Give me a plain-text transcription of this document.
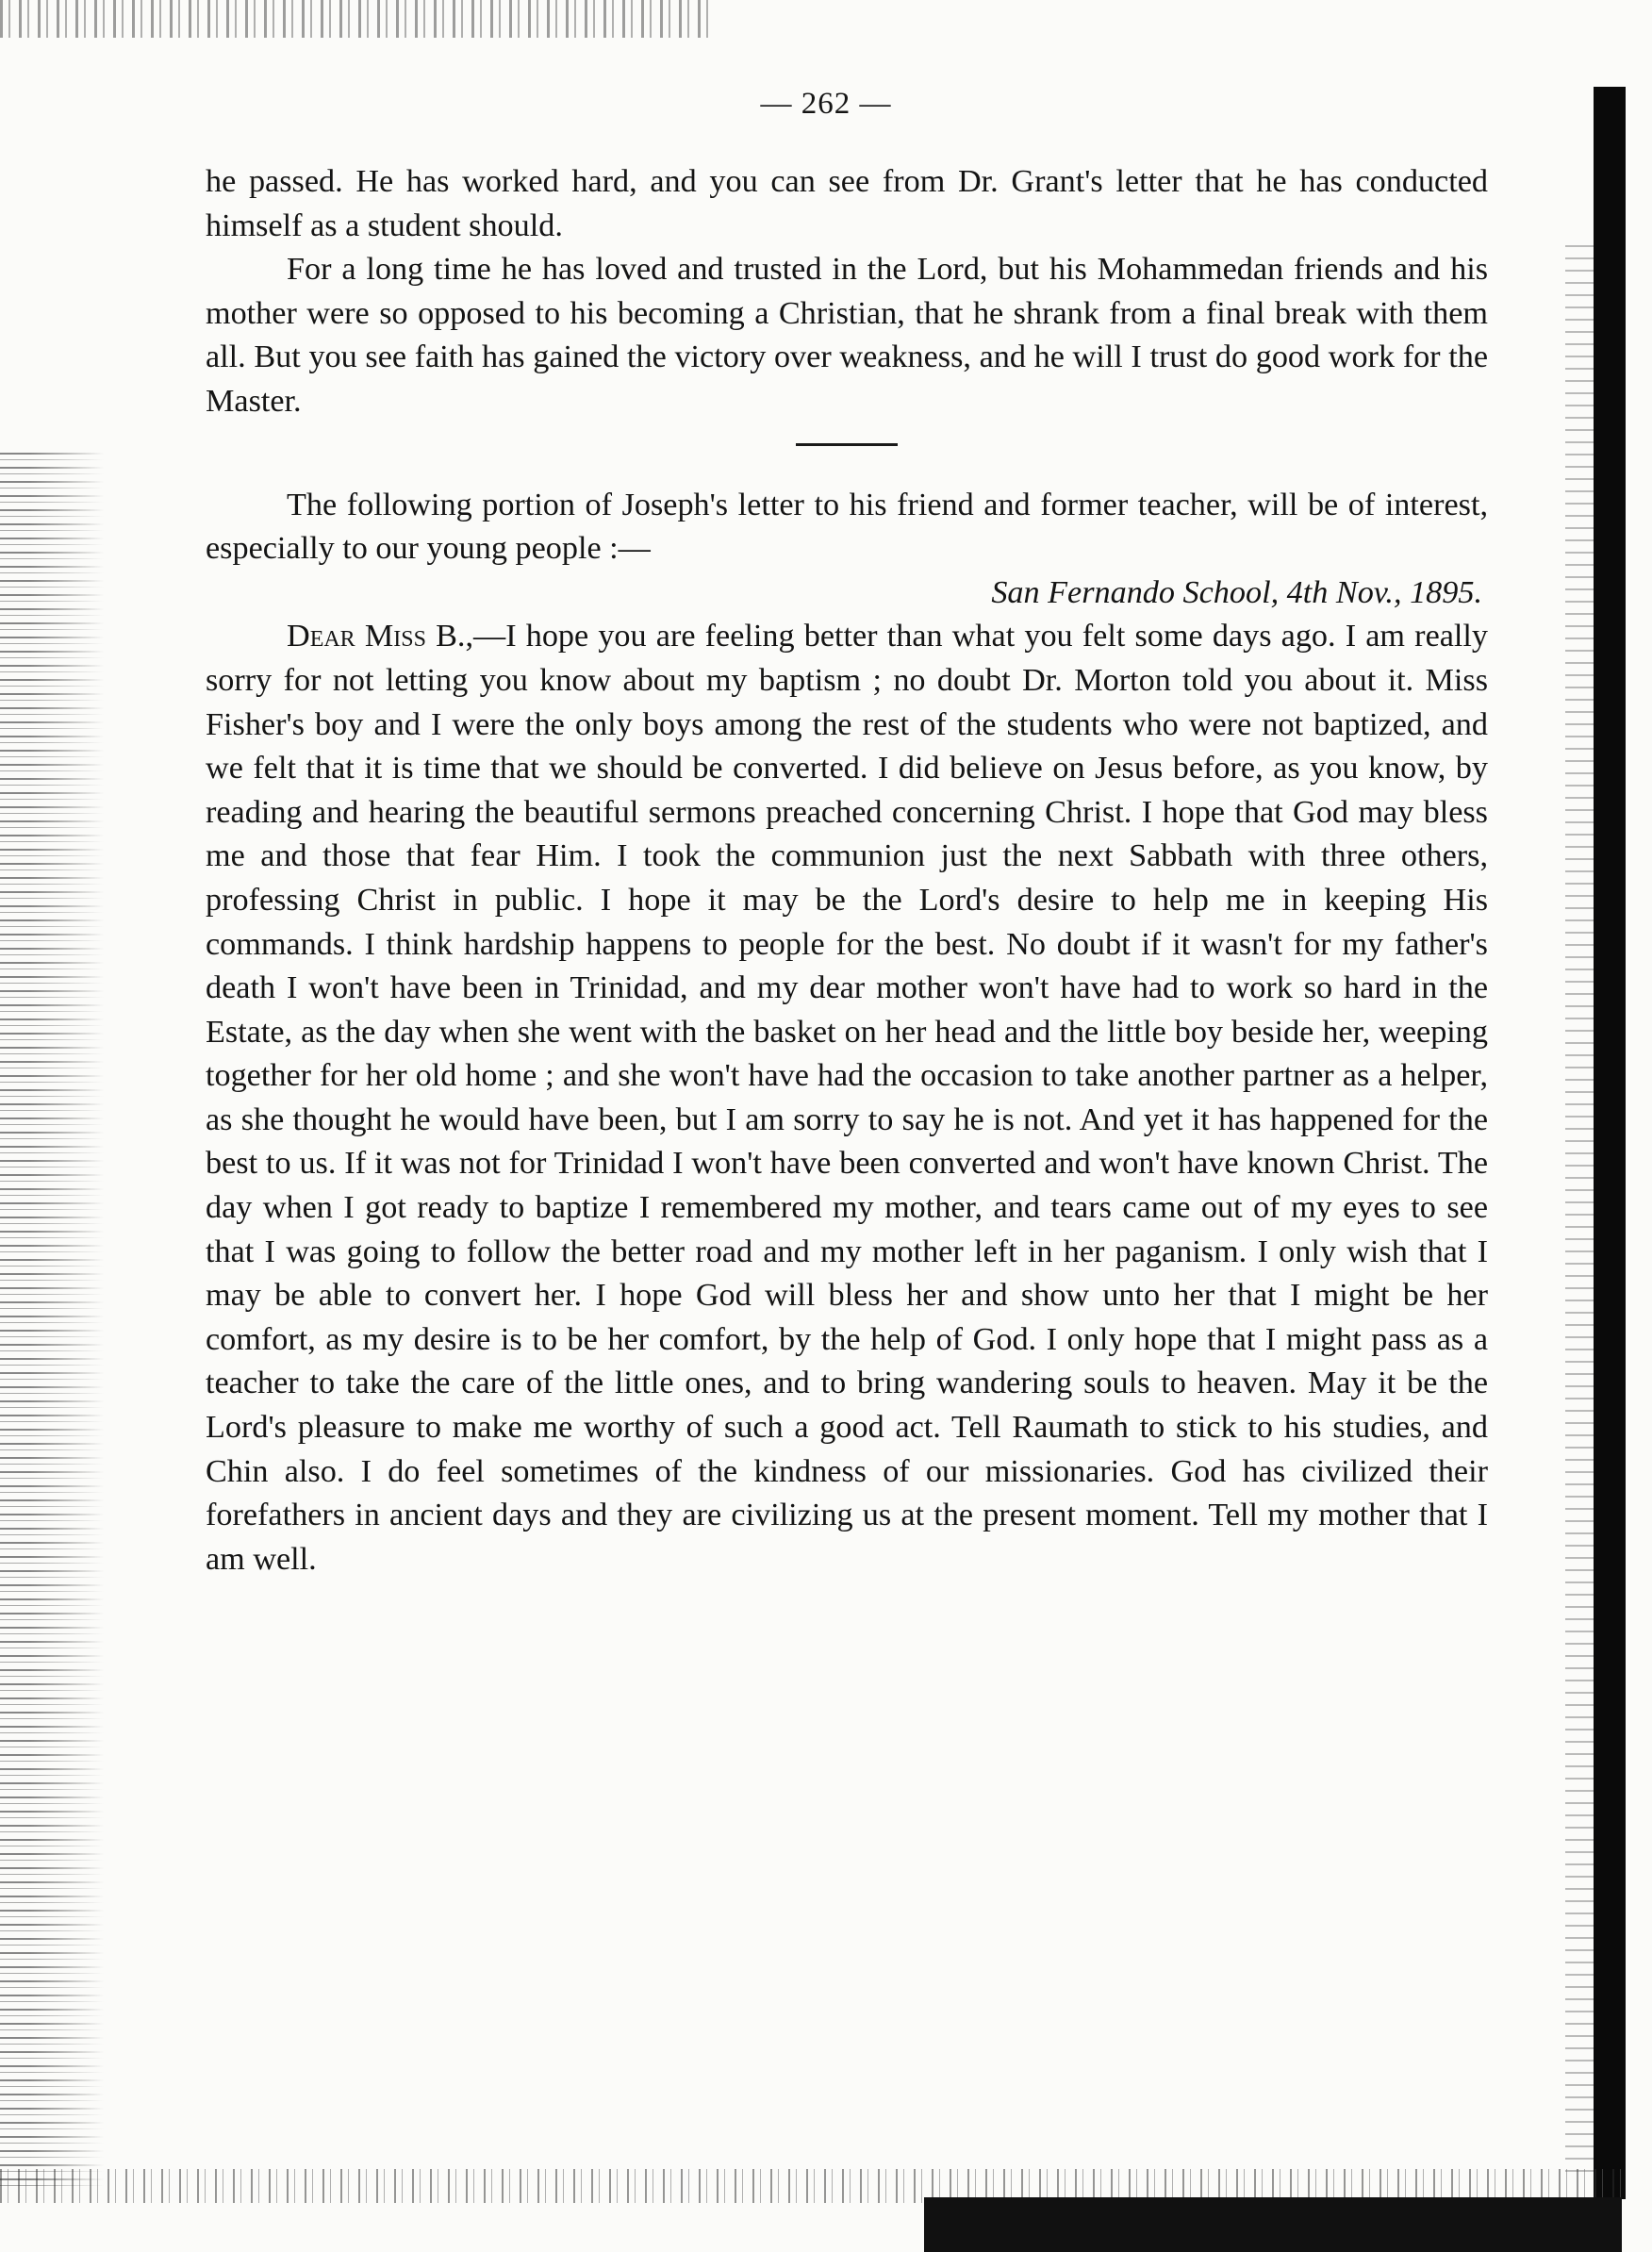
— 262 —

he passed. He has worked hard, and you can see from Dr. Grant's letter that he has conducted himself as a student should.

For a long time he has loved and trusted in the Lord, but his Mohammedan friends and his mother were so opposed to his becoming a Christian, that he shrank from a final break with them all. But you see faith has gained the victory over weakness, and he will I trust do good work for the Master.

The following portion of Joseph's letter to his friend and former teacher, will be of interest, especially to our young people :—

San Fernando School, 4th Nov., 1895.

Dear Miss B.,—I hope you are feeling better than what you felt some days ago. I am really sorry for not letting you know about my baptism ; no doubt Dr. Morton told you about it. Miss Fisher's boy and I were the only boys among the rest of the students who were not baptized, and we felt that it is time that we should be converted. I did believe on Jesus before, as you know, by reading and hearing the beautiful sermons preached concerning Christ. I hope that God may bless me and those that fear Him. I took the communion just the next Sabbath with three others, professing Christ in public. I hope it may be the Lord's desire to help me in keeping His commands. I think hardship happens to people for the best. No doubt if it wasn't for my father's death I won't have been in Trinidad, and my dear mother won't have had to work so hard in the Estate, as the day when she went with the basket on her head and the little boy beside her, weeping together for her old home ; and she won't have had the occasion to take another partner as a helper, as she thought he would have been, but I am sorry to say he is not. And yet it has happened for the best to us. If it was not for Trinidad I won't have been converted and won't have known Christ. The day when I got ready to baptize I remembered my mother, and tears came out of my eyes to see that I was going to follow the better road and my mother left in her paganism. I only wish that I may be able to convert her. I hope God will bless her and show unto her that I might be her comfort, as my desire is to be her comfort, by the help of God. I only hope that I might pass as a teacher to take the care of the little ones, and to bring wandering souls to heaven. May it be the Lord's pleasure to make me worthy of such a good act. Tell Raumath to stick to his studies, and Chin also. I do feel sometimes of the kindness of our missionaries. God has civilized their forefathers in ancient days and they are civilizing us at the present moment. Tell my mother that I am well.
